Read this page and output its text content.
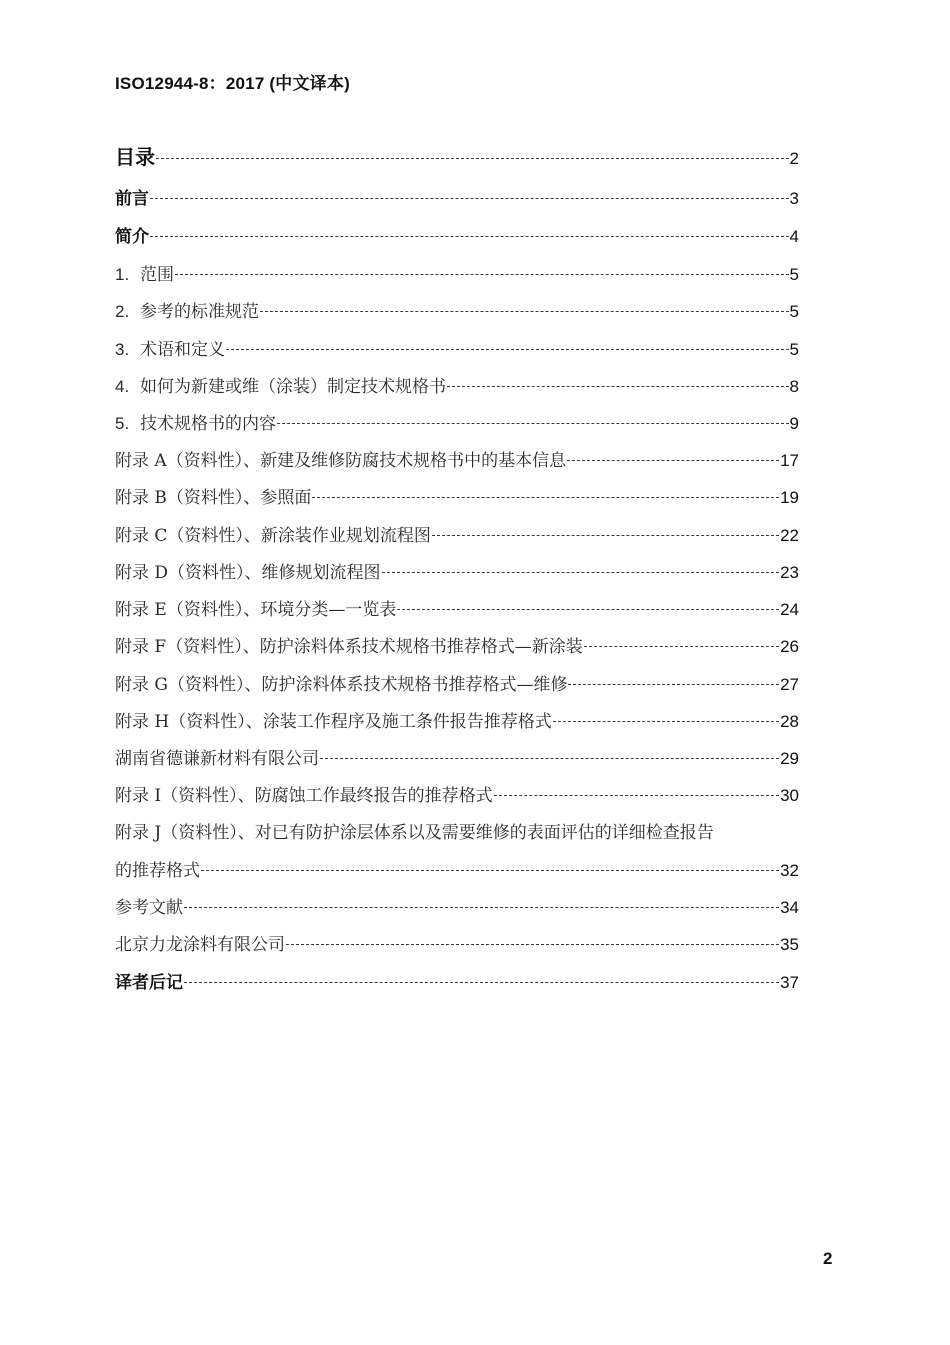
ISO12944-8：2017 (中文译本)
目录	2
前言	3
简介	4
1. 范围	5
2. 参考的标准规范	5
3. 术语和定义	5
4. 如何为新建或维（涂装）制定技术规格书	8
5. 技术规格书的内容	9
附录 A（资料性）、新建及维修防腐技术规格书中的基本信息	17
附录 B（资料性）、参照面	19
附录 C（资料性）、新涂装作业规划流程图	22
附录 D（资料性）、维修规划流程图	23
附录 E（资料性）、环境分类—一览表	24
附录 F（资料性）、防护涂料体系技术规格书推荐格式—新涂装	26
附录 G（资料性）、防护涂料体系技术规格书推荐格式—维修	27
附录 H（资料性）、涂装工作程序及施工条件报告推荐格式	28
湖南省德谦新材料有限公司	29
附录 I（资料性）、防腐蚀工作最终报告的推荐格式	30
附录 J（资料性）、对已有防护涂层体系以及需要维修的表面评估的详细检查报告
的推荐格式	32
参考文献	34
北京力龙涂料有限公司	35
译者后记	37
2
